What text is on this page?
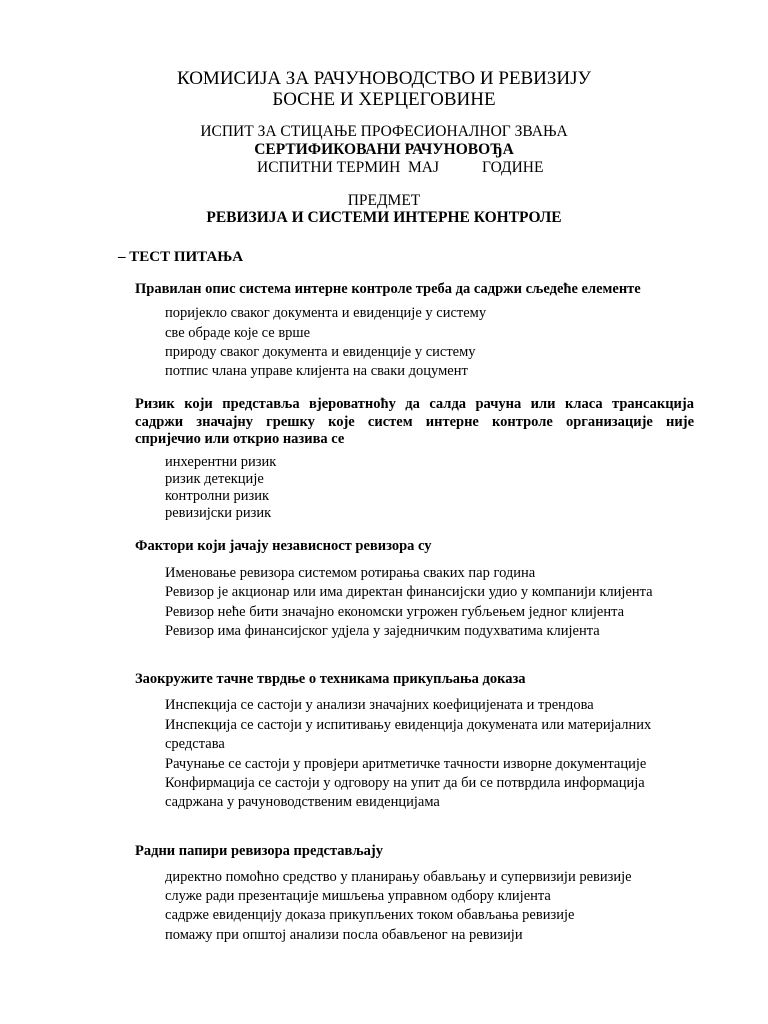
КОМИСИЈА ЗА РАЧУНОВОДСТВО И РЕВИЗИЈУ
БОСНЕ И ХЕРЦЕГОВИНЕ
ИСПИТ ЗА СТИЦАЊЕ ПРОФЕСИОНАЛНОГ ЗВАЊА
СЕРТИФИКОВАНИ РАЧУНОВОЂА
ИСПИТНИ ТЕРМИН МАЈ	ГОДИНЕ
ПРЕДМЕТ
РЕВИЗИЈА И СИСТЕМИ ИНТЕРНЕ КОНТРОЛЕ
– ТЕСТ ПИТАЊА
Правилан опис система интерне контроле треба да садржи сљедеће елементе
поријекло сваког документа и евиденције у систему
све обраде које се врше
природу сваког документа и евиденције у систему
потпис члана управе клијента на сваки доцумент
Ризик који представља вјероватноћу да салда рачуна или класа трансакција
садржи значајну грешку које систем интерне контроле организације није
спријечио или открио назива се
инхерентни ризик
ризик детекције
контролни ризик
ревизијски ризик
Фактори који јачају независност ревизора су
Именовање ревизора системом ротирања сваких пар година
Ревизор је акционар или има директан финансијски удио у компанији клијента
Ревизор неће бити значајно економски угрожен губљењем једног клијента
Ревизор има финансијског удјела у заједничким подухватима клијента
Заокружите тачне тврдње о техникама прикупљања доказа
Инспекција се састоји у анализи значајних коефицијената и трендова
Инспекција се састоји у испитивању евиденција докумената или материјалних
средстава
Рачунање се састоји у провјери аритметичке тачности изворне документације
Конфирмација се састоји у одговору на упит да би се потврдила информација
садржана у рачуноводственим евиденцијама
Радни папири ревизора представљају
директно помоћно средство у планирању обављању и супервизији ревизије
служе ради презентације мишљења управном одбору клијента
садрже евиденцију доказа прикупљених током обављања ревизије
помажу при општој анализи посла обављеног на ревизији
